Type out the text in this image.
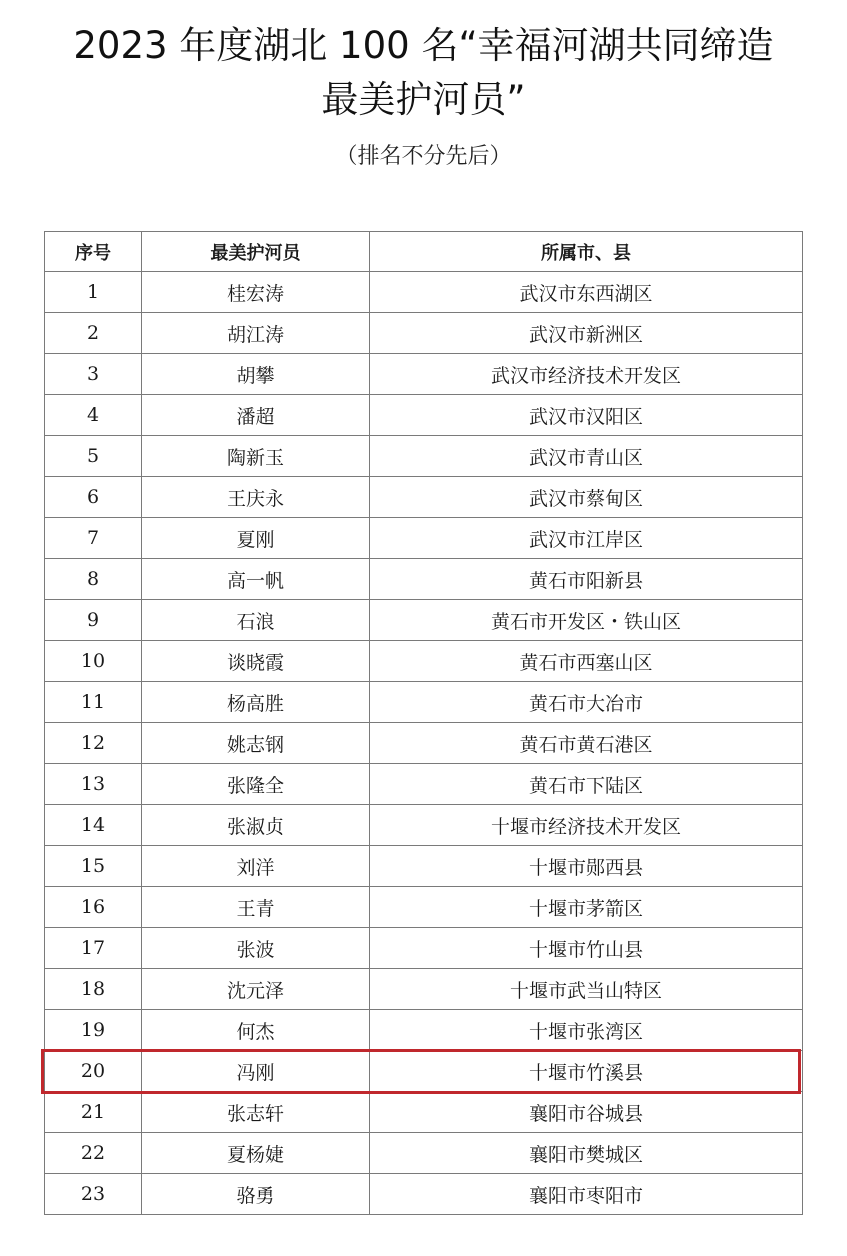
2023 年度湖北 100 名“幸福河湖共同缔造
最美护河员”
（排名不分先后）
序号	最美护河员	所属市、县
1	桂宏涛	武汉市东西湖区
2	胡江涛	武汉市新洲区
3	胡攀	武汉市经济技术开发区
4	潘超	武汉市汉阳区
5	陶新玉	武汉市青山区
6	王庆永	武汉市蔡甸区
7	夏刚	武汉市江岸区
8	高一帆	黄石市阳新县
9	石浪	黄石市开发区・铁山区
10	谈晓霞	黄石市西塞山区
11	杨高胜	黄石市大冶市
12	姚志钢	黄石市黄石港区
13	张隆全	黄石市下陆区
14	张淑贞	十堰市经济技术开发区
15	刘洋	十堰市郧西县
16	王青	十堰市茅箭区
17	张波	十堰市竹山县
18	沈元泽	十堰市武当山特区
19	何杰	十堰市张湾区
20	冯刚	十堰市竹溪县
21	张志轩	襄阳市谷城县
22	夏杨婕	襄阳市樊城区
23	骆勇	襄阳市枣阳市
